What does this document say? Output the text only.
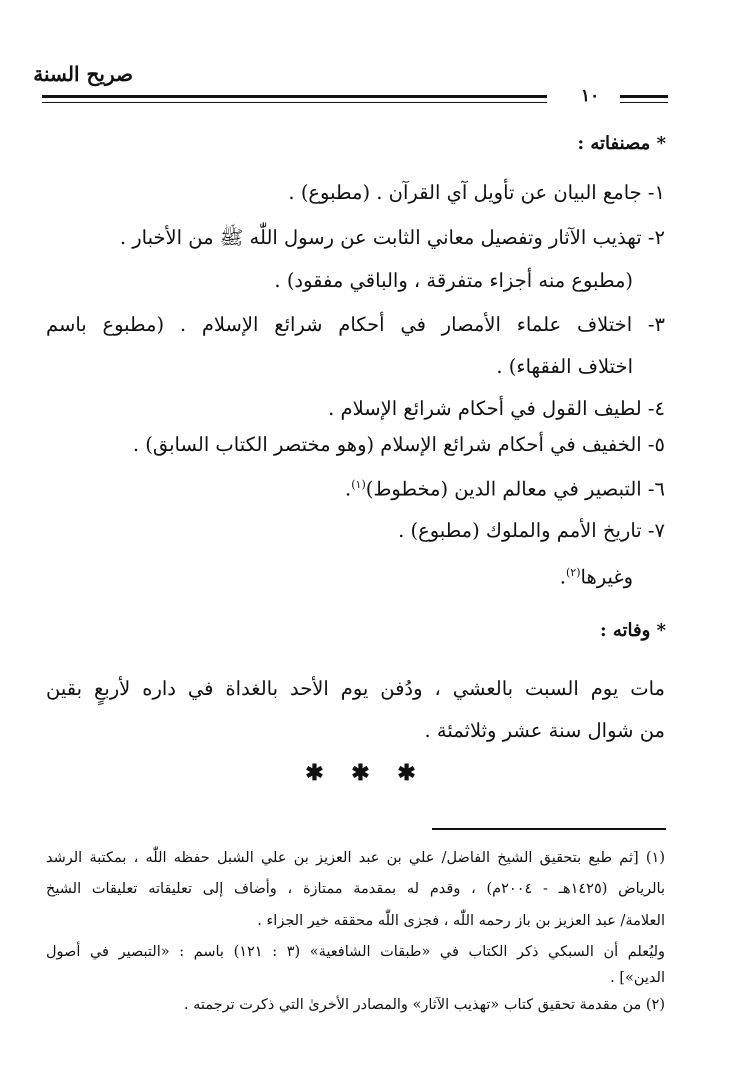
صريح السنة
١٠
* مصنفاته :
١- جامع البيان عن تأويل آي القرآن . (مطبوع) .
٢- تهذيب الآثار وتفصيل معاني الثابت عن رسول اللّٰه ﷺ من الأخبار .
(مطبوع منه أجزاء متفرقة ، والباقي مفقود) .
٣- اختلاف علماء الأمصار في أحكام شرائع الإسلام . (مطبوع باسم
اختلاف الفقهاء) .
٤- لطيف القول في أحكام شرائع الإسلام .
٥- الخفيف في أحكام شرائع الإسلام (وهو مختصر الكتاب السابق) .
٦- التبصير في معالم الدين (مخطوط)$^{(١)}$.
٧- تاريخ الأمم والملوك (مطبوع) .
وغيرها$^{(٢)}$.
* وفاته :
مات يوم السبت بالعشي ، ودُفن يوم الأحد بالغداة في داره لأربعٍ بقين
من شوال سنة عشر وثلاثمئة .
✱ ✱ ✱
(١) [ثم طبع بتحقيق الشيخ الفاضل/ علي بن عبد العزيز بن علي الشبل حفظه اللّٰه ، بمكتبة الرشد
بالرياض (١٤٢٥هـ - ٢٠٠٤م) ، وقدم له بمقدمة ممتازة ، وأضاف إلى تعليقاته تعليقات الشيخ
العلامة/ عبد العزيز بن باز رحمه اللّٰه ، فجزى اللّٰه محققه خير الجزاء .
وليُعلم أن السبكي ذكر الكتاب في «طبقات الشافعية» (٣ : ١٢١) باسم : «التبصير في أصول
الدين»] .
(٢) من مقدمة تحقيق كتاب «تهذيب الآثار» والمصادر الأخرىٰ التي ذكرت ترجمته .
